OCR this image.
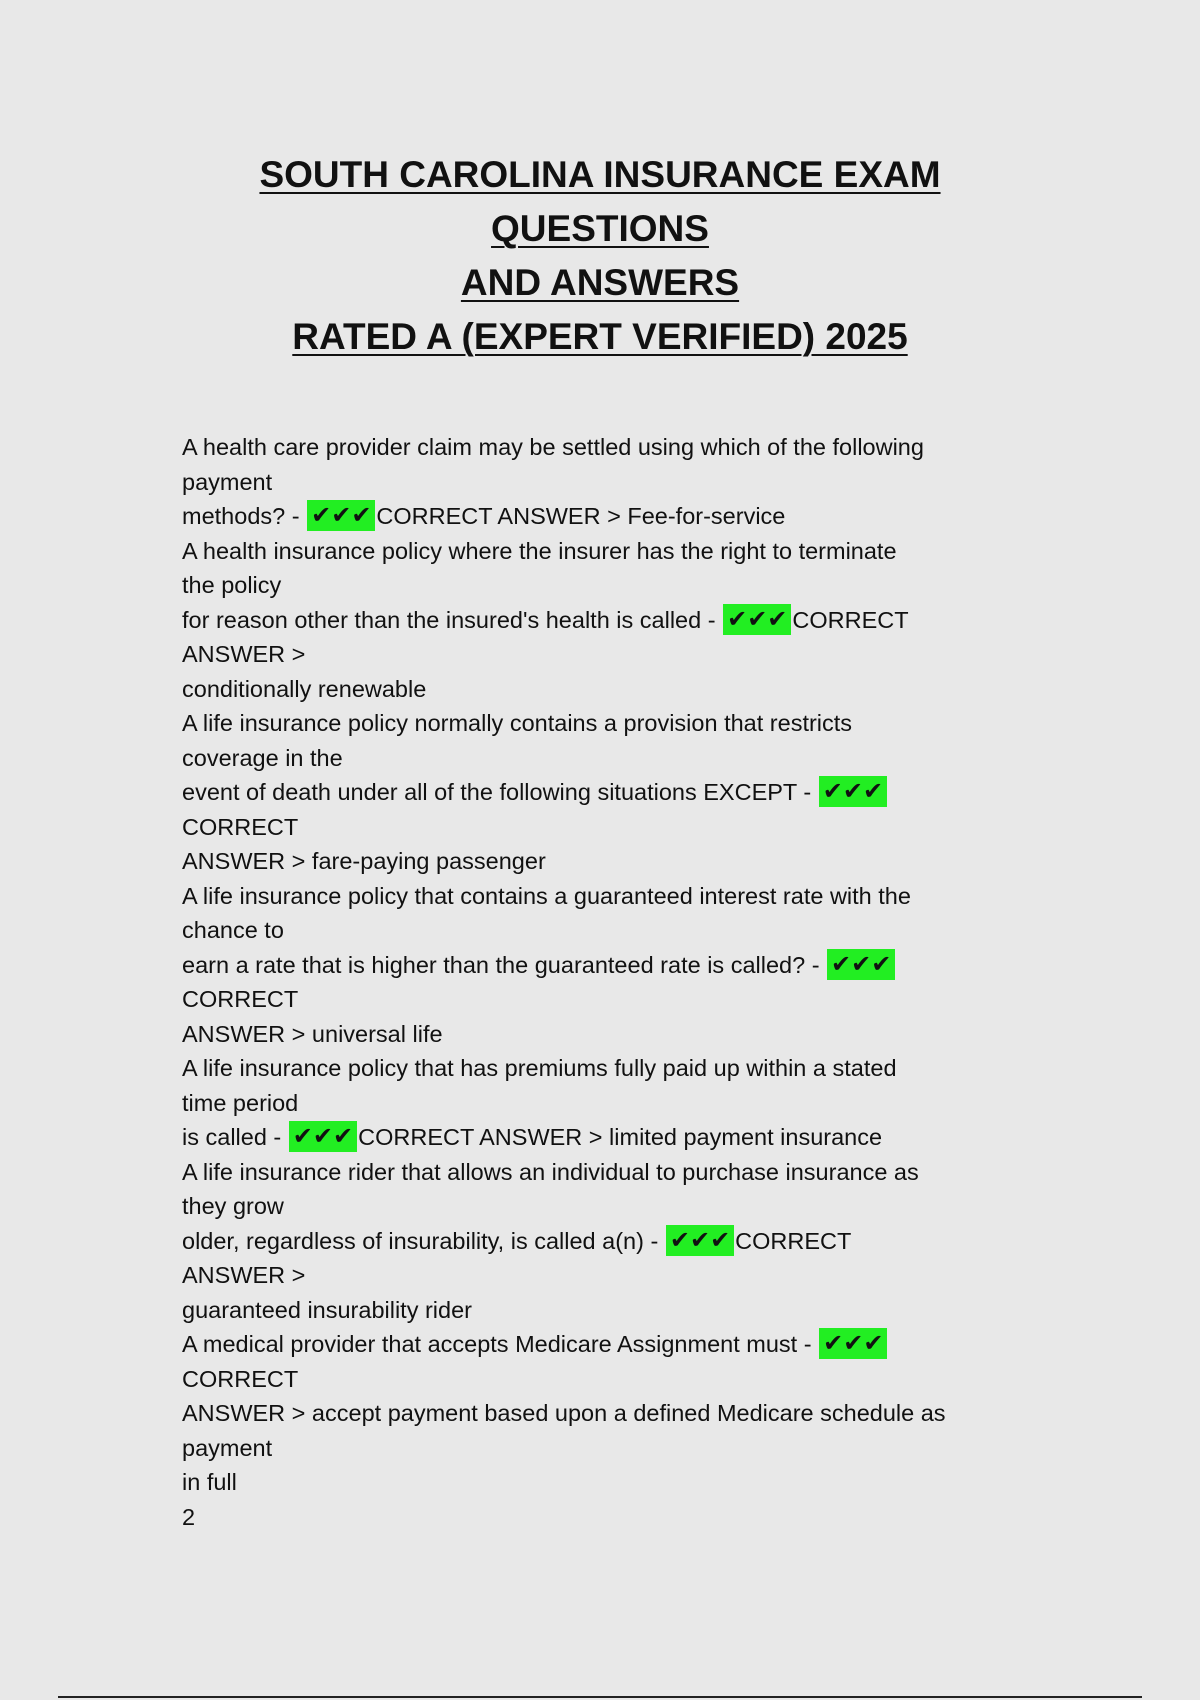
SOUTH CAROLINA INSURANCE EXAM
QUESTIONS
AND ANSWERS
RATED A (EXPERT VERIFIED) 2025
A health care provider claim may be settled using which of the following
payment
methods? - ✔✔✔ CORRECT ANSWER > Fee-for-service
A health insurance policy where the insurer has the right to terminate
the policy
for reason other than the insured's health is called - ✔✔✔ CORRECT
ANSWER >
conditionally renewable
A life insurance policy normally contains a provision that restricts
coverage in the
event of death under all of the following situations EXCEPT - ✔✔✔
CORRECT
ANSWER > fare-paying passenger
A life insurance policy that contains a guaranteed interest rate with the
chance to
earn a rate that is higher than the guaranteed rate is called? - ✔✔✔
CORRECT
ANSWER > universal life
A life insurance policy that has premiums fully paid up within a stated
time period
is called - ✔✔✔ CORRECT ANSWER > limited payment insurance
A life insurance rider that allows an individual to purchase insurance as
they grow
older, regardless of insurability, is called a(n) - ✔✔✔ CORRECT
ANSWER >
guaranteed insurability rider
A medical provider that accepts Medicare Assignment must - ✔✔✔
CORRECT
ANSWER > accept payment based upon a defined Medicare schedule as
payment
in full
2
